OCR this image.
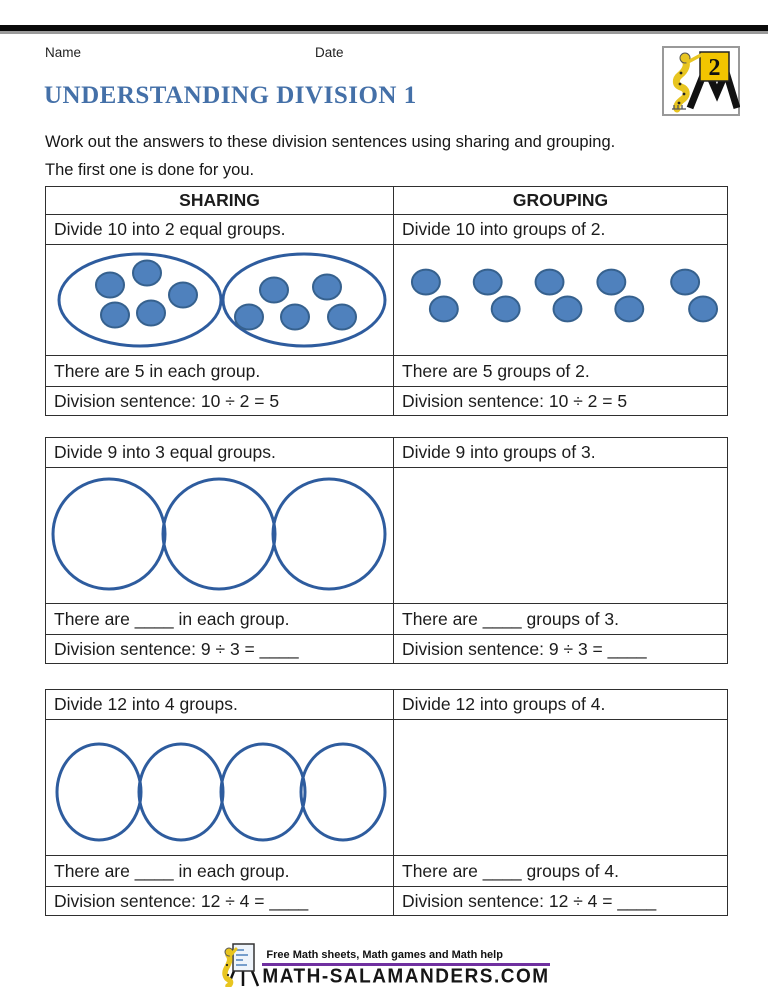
Name	Date
2
UNDERSTANDING DIVISION 1
Work out the answers to these division sentences using sharing and grouping.
The first one is done for you.
SHARING	GROUPING
Divide 10 into 2 equal groups.	Divide 10 into groups of 2.
There are 5 in each group.	There are 5 groups of 2.
Division sentence: 10 ÷ 2 = 5	Division sentence: 10 ÷ 2 = 5
Divide 9 into 3 equal groups.	Divide 9 into groups of 3.
There are ____ in each group.	There are ____ groups of 3.
Division sentence: 9 ÷ 3 = ____	Division sentence: 9 ÷ 3 = ____
Divide 12 into 4 groups.	Divide 12 into groups of 4.
There are ____ in each group.	There are ____ groups of 4.
Division sentence: 12 ÷ 4 = ____	Division sentence: 12 ÷ 4 = ____
Free Math sheets, Math games and Math help
MATH-SALAMANDERS.COM
